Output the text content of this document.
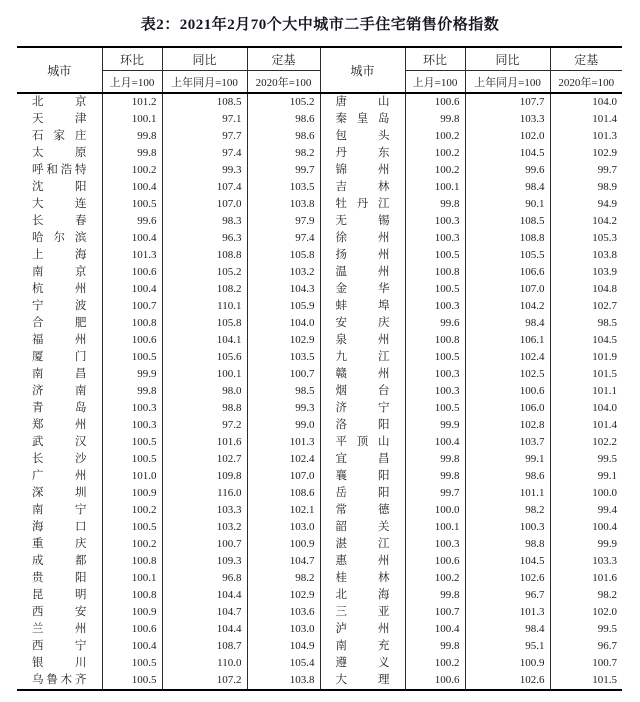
表2：2021年2月70个大中城市二手住宅销售价格指数
城市	环比	同比	定基	城市	环比	同比	定基
	上月=100	上年同月=100	2020年=100		上月=100	上年同月=100	2020年=100
北京	101.2	108.5	105.2	唐山	100.6	107.7	104.0
天津	100.1	97.1	98.6	秦皇岛	99.8	103.3	101.4
石家庄	99.8	97.7	98.6	包头	100.2	102.0	101.3
太原	99.8	97.4	98.2	丹东	100.2	104.5	102.9
呼和浩特	100.2	99.3	99.7	锦州	100.2	99.6	99.7
沈阳	100.4	107.4	103.5	吉林	100.1	98.4	98.9
大连	100.5	107.0	103.8	牡丹江	99.8	90.1	94.9
长春	99.6	98.3	97.9	无锡	100.3	108.5	104.2
哈尔滨	100.4	96.3	97.4	徐州	100.3	108.8	105.3
上海	101.3	108.8	105.8	扬州	100.5	105.5	103.8
南京	100.6	105.2	103.2	温州	100.8	106.6	103.9
杭州	100.4	108.2	104.3	金华	100.5	107.0	104.8
宁波	100.7	110.1	105.9	蚌埠	100.3	104.2	102.7
合肥	100.8	105.8	104.0	安庆	99.6	98.4	98.5
福州	100.6	104.1	102.9	泉州	100.8	106.1	104.5
厦门	100.5	105.6	103.5	九江	100.5	102.4	101.9
南昌	99.9	100.1	100.7	赣州	100.3	102.5	101.5
济南	99.8	98.0	98.5	烟台	100.3	100.6	101.1
青岛	100.3	98.8	99.3	济宁	100.5	106.0	104.0
郑州	100.3	97.2	99.0	洛阳	99.9	102.8	101.4
武汉	100.5	101.6	101.3	平顶山	100.4	103.7	102.2
长沙	100.5	102.7	102.4	宜昌	99.8	99.1	99.5
广州	101.0	109.8	107.0	襄阳	99.8	98.6	99.1
深圳	100.9	116.0	108.6	岳阳	99.7	101.1	100.0
南宁	100.2	103.3	102.1	常德	100.0	98.2	99.4
海口	100.5	103.2	103.0	韶关	100.1	100.3	100.4
重庆	100.2	100.7	100.9	湛江	100.3	98.8	99.9
成都	100.8	109.3	104.7	惠州	100.6	104.5	103.3
贵阳	100.1	96.8	98.2	桂林	100.2	102.6	101.6
昆明	100.8	104.4	102.9	北海	99.8	96.7	98.2
西安	100.9	104.7	103.6	三亚	100.7	101.3	102.0
兰州	100.6	104.4	103.0	泸州	100.4	98.4	99.5
西宁	100.4	108.7	104.9	南充	99.8	95.1	96.7
银川	100.5	110.0	105.4	遵义	100.2	100.9	100.7
乌鲁木齐	100.5	107.2	103.8	大理	100.6	102.6	101.5
